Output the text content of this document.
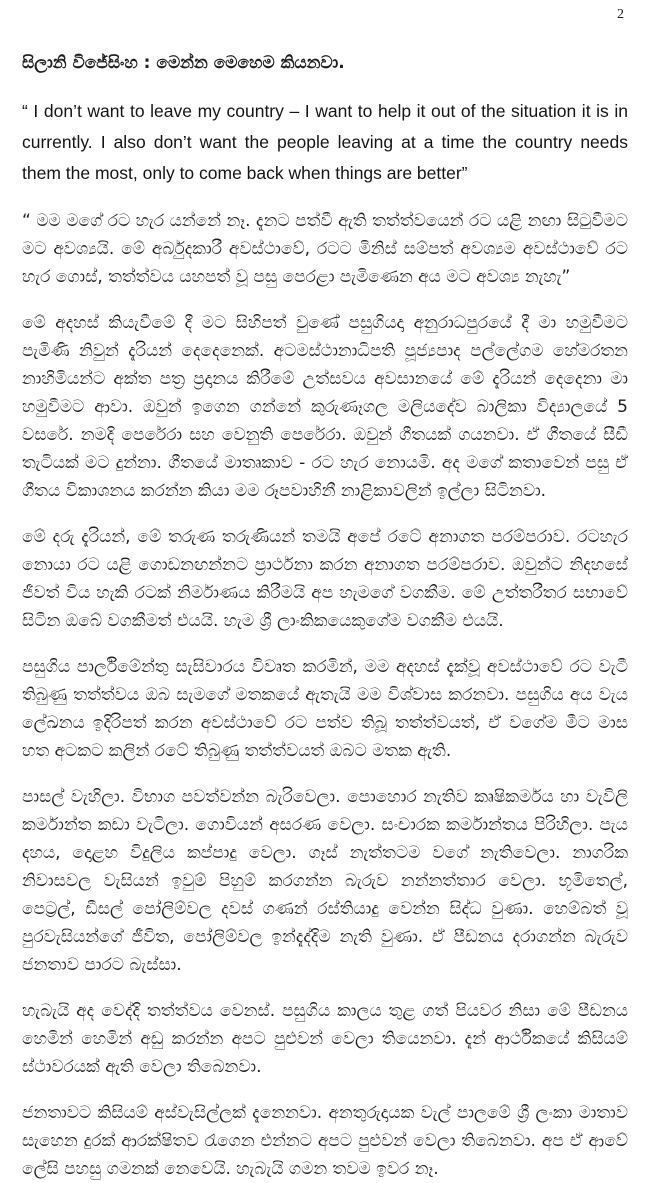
2

සිලානි විජේසිංහ : මෙන්න මෙහෙම කියනවා.

“ I don’t want to leave my country – I want to help it out of the situation it is in currently. I also don’t want the people leaving at a time the country needs them the most, only to come back when things are better”

“ මම මගේ රට හැර යන්නේ නෑ. දැනට පත්වී ඇති තත්ත්වයෙන් රට යළි නඟා සිටුවීමට මට අවශ්‍යයි. මේ අර්බුදකාරී අවස්ථාවේ, රටට මිනිස් සම්පත් අවශ්‍යම අවස්ථාවේ රට හැර ගොස්, තත්ත්වය යහපත් වූ පසු පෙරළා පැමිණෙන අය මට අවශ්‍ය නැහැ”

මේ අදහස් කියැවීමේ දී මට සිහිපත් වුණේ පසුගියදා අනුරාධපුරයේ දී මා හමුවීමට පැමිණි නිවුන් දැරියන් දෙදෙනෙක්. අටමස්ථානාධිපති පූජ්‍යපාද පල්ලේගම හේමරතන නාහිමියන්ට අක්ත පත්‍ර ප්‍රදානය කිරීමේ උත්සවය අවසානයේ මේ දැරියන් දෙදෙනා මා හමුවීමට ආවා. ඔවුන් ඉගෙන ගන්නේ කුරුණෑගල මලියදේව බාලිකා විද්‍යාලයේ 5 වසරේ. නමදි පෙරේරා සහ වෙනුති පෙරේරා. ඔවුන් ගීතයක් ගයනවා. ඒ ගීතයේ සීඩී තැටියක් මට දුන්නා. ගීතයේ මාතෘකාව - රට හැර නොයමි. අද මගේ කතාවෙන් පසු ඒ ගීතය විකාශනය කරන්න කියා මම රූපවාහිනී නාළිකාවලින් ඉල්ලා සිටිනවා.

මේ දරු දැරියන්, මේ තරුණ තරුණියන් තමයි අපේ රටේ අනාගත පරම්පරාව. රටහැර නොයා රට යළි ගොඩනඟන්නට ප්‍රාර්ථනා කරන අනාගත පරම්පරාව. ඔවුන්ට නිදහසේ ජීවත් විය හැකි රටක් නිර්මාණය කිරීමයි අප හැමගේ වගකීම. මේ උත්තරීතර සභාවේ සිටින ඔබේ වගකීමත් එයයි. හැම ශ්‍රී ලාංකිකයෙකුගේම වගකීම එයයි.

පසුගිය පාර්ලිමේන්තු සැසිවාරය විවෘත කරමින්, මම අදහස් දැක්වූ අවස්ථාවේ රට වැටී තිබුණු තත්ත්වය ඔබ සැමගේ මතකයේ ඇතැයි මම විශ්වාස කරනවා. පසුගිය අය වැය ලේඛනය ඉදිරිපත් කරන අවස්ථාවේ රට පත්ව තිබූ තත්ත්වයත්, ඒ වගේම මීට මාස හත අටකට කලින් රටේ තිබුණු තත්ත්වයත් ඔබට මතක ඇති.

පාසල් වැහිලා. විභාග පවත්වන්න බැරිවෙලා. පොහොර නැතිව කෘෂිකර්මය හා වැවිලි කර්මාන්ත කඩා වැටිලා. ගොවියන් අසරණ වෙලා. සංචාරක කර්මාන්තය පිරිහිලා. පැය දහය, දොළහ විදුලිය කප්පාදු වෙලා. ගෑස් නැත්තටම වගේ නැතිවෙලා. නාගරික නිවාසවල වැසියන් ඉවුම් පිහුම් කරගන්න බැරුව නන්නත්තාර වෙලා. භූමිතෙල්, පෙට්‍රල්, ඩීසල් පෝලිම්වල දවස් ගණන් රස්තියාදු වෙන්න සිද්ධ වුණා. හෙම්බත් වූ පුරවැසියන්ගේ ජීවිත, පෝලිම්වල ඉන්දැද්දිම නැති වුණා. ඒ පීඩනය දරාගන්න බැරුව ජනතාව පාරට බැස්සා.

හැබැයි අද වෙද්දි තත්ත්වය වෙනස්. පසුගිය කාලය තුළ ගත් පියවර නිසා මේ පීඩනය හෙමින් හෙමින් අඩු කරන්න අපට පුළුවන් වෙලා තියෙනවා. දැන් ආර්ථිකයේ කිසියම් ස්ථාවරයක් ඇති වෙලා තිබෙනවා.

ජනතාවට කිසියම් අස්වැසිල්ලක් දැනෙනවා. අනතුරුදායක වැල් පාලමේ ශ්‍රී ලංකා මාතාව සැහෙන දුරක් ආරක්ෂිතව රැගෙන එන්නට අපට පුළුවන් වෙලා තිබෙනවා. අප ඒ ආවේ ලේසි පහසු ගමනක් නෙවෙයි. හැබැයි ගමන තවම ඉවර නෑ.
